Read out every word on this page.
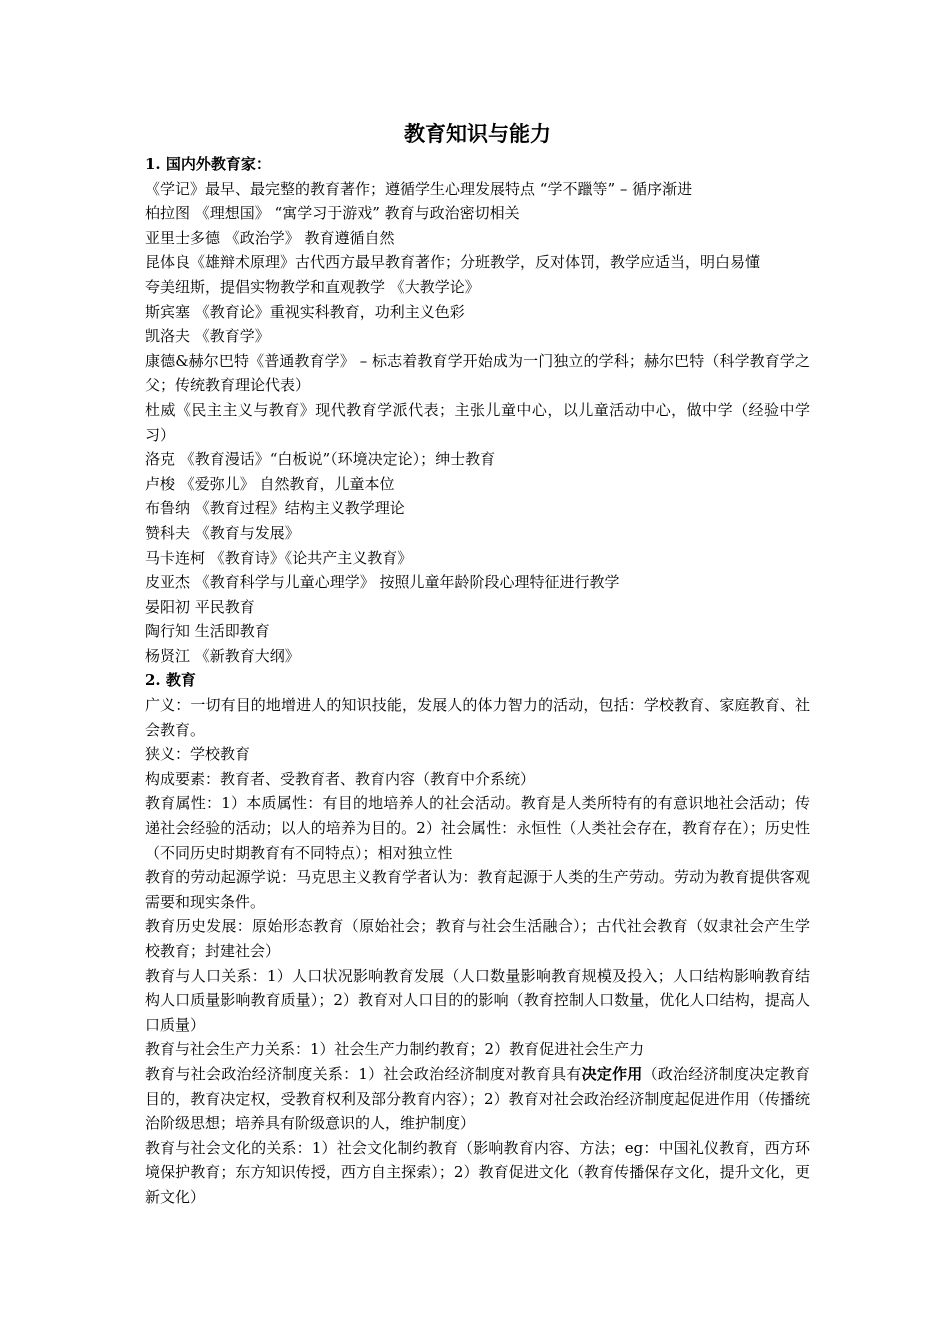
教育知识与能力
1. 国内外教育家：
《学记》最早、最完整的教育著作；遵循学生心理发展特点 “学不躐等” – 循序渐进
柏拉图 《理想国》 “寓学习于游戏” 教育与政治密切相关
亚里士多德 《政治学》 教育遵循自然
昆体良《雄辩术原理》古代西方最早教育著作；分班教学，反对体罚，教学应适当，明白易懂
夸美纽斯，提倡实物教学和直观教学 《大教学论》
斯宾塞 《教育论》重视实科教育，功利主义色彩
凯洛夫 《教育学》
康德&赫尔巴特《普通教育学》 – 标志着教育学开始成为一门独立的学科；赫尔巴特（科学教育学之父；传统教育理论代表）
杜威《民主主义与教育》现代教育学派代表；主张儿童中心，以儿童活动中心，做中学（经验中学习）
洛克 《教育漫话》“白板说”（环境决定论）；绅士教育
卢梭 《爱弥儿》 自然教育，儿童本位
布鲁纳 《教育过程》结构主义教学理论
赞科夫 《教育与发展》
马卡连柯 《教育诗》《论共产主义教育》
皮亚杰 《教育科学与儿童心理学》 按照儿童年龄阶段心理特征进行教学
晏阳初 平民教育
陶行知 生活即教育
杨贤江 《新教育大纲》
2. 教育
广义：一切有目的地增进人的知识技能，发展人的体力智力的活动，包括：学校教育、家庭教育、社会教育。
狭义：学校教育
构成要素：教育者、受教育者、教育内容（教育中介系统）
教育属性：1）本质属性：有目的地培养人的社会活动。教育是人类所特有的有意识地社会活动；传递社会经验的活动；以人的培养为目的。2）社会属性：永恒性（人类社会存在，教育存在）；历史性（不同历史时期教育有不同特点）；相对独立性
教育的劳动起源学说：马克思主义教育学者认为：教育起源于人类的生产劳动。劳动为教育提供客观需要和现实条件。
教育历史发展：原始形态教育（原始社会；教育与社会生活融合）；古代社会教育（奴隶社会产生学校教育；封建社会）
教育与人口关系：1）人口状况影响教育发展（人口数量影响教育规模及投入；人口结构影响教育结构人口质量影响教育质量）；2）教育对人口目的的影响（教育控制人口数量，优化人口结构，提高人口质量）
教育与社会生产力关系：1）社会生产力制约教育；2）教育促进社会生产力
教育与社会政治经济制度关系：1）社会政治经济制度对教育具有决定作用（政治经济制度决定教育目的，教育决定权，受教育权利及部分教育内容）；2）教育对社会政治经济制度起促进作用（传播统治阶级思想；培养具有阶级意识的人，维护制度）
教育与社会文化的关系：1）社会文化制约教育（影响教育内容、方法；eg：中国礼仪教育，西方环境保护教育；东方知识传授，西方自主探索）；2）教育促进文化（教育传播保存文化，提升文化，更新文化）
